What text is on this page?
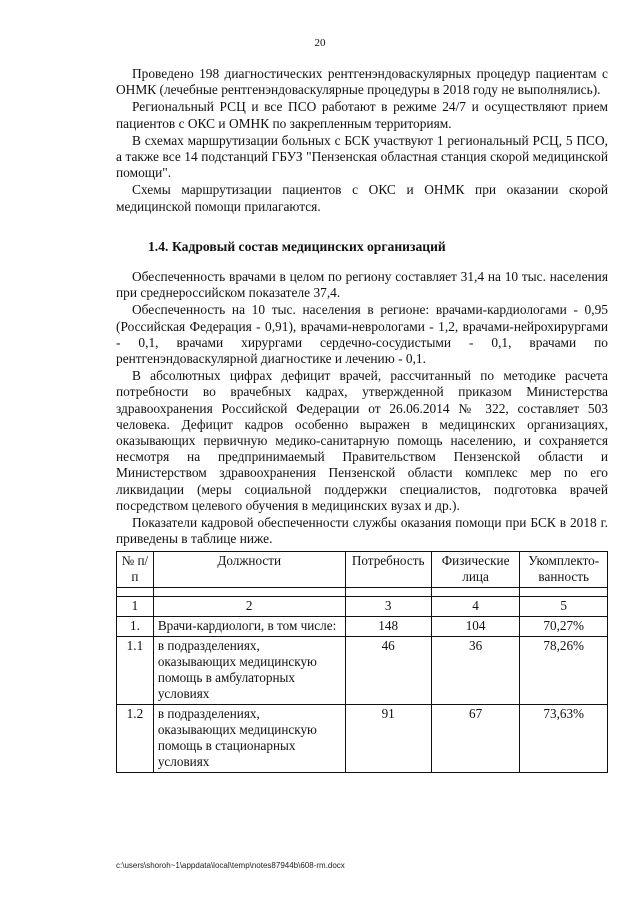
20

Проведено 198 диагностических рентгенэндоваскулярных процедур пациентам с ОНМК (лечебные рентгенэндоваскулярные процедуры в 2018 году не выполнялись).

Региональный РСЦ и все ПСО работают в режиме 24/7 и осуществляют прием пациентов с ОКС и ОМНК по закрепленным территориям.

В схемах маршрутизации больных с БСК участвуют 1 региональный РСЦ, 5 ПСО, а также все 14 подстанций ГБУЗ "Пензенская областная станция скорой медицинской помощи".

Схемы маршрутизации пациентов с ОКС и ОНМК при оказании скорой медицинской помощи прилагаются.

1.4. Кадровый состав медицинских организаций

Обеспеченность врачами в целом по региону составляет 31,4 на 10 тыс. населения при среднероссийском показателе 37,4.

Обеспеченность на 10 тыс. населения в регионе: врачами-кардиологами - 0,95 (Российская Федерация - 0,91), врачами-неврологами - 1,2, врачами-нейрохирургами - 0,1, врачами хирургами сердечно-сосудистыми - 0,1, врачами по рентгенэндоваскулярной диагностике и лечению - 0,1.

В абсолютных цифрах дефицит врачей, рассчитанный по методике расчета потребности во врачебных кадрах, утвержденной приказом Министерства здравоохранения Российской Федерации от 26.06.2014 № 322, составляет 503 человека. Дефицит кадров особенно выражен в медицинских организациях, оказывающих первичную медико-санитарную помощь населению, и сохраняется несмотря на предпринимаемый Правительством Пензенской области и Министерством здравоохранения Пензенской области комплекс мер по его ликвидации (меры социальной поддержки специалистов, подготовка врачей посредством целевого обучения в медицинских вузах и др.).

Показатели кадровой обеспеченности службы оказания помощи при БСК в 2018 г. приведены в таблице ниже.

№ п/п	Должности	Потребность	Физические лица	Укомплекто-ванность

1	2	3	4	5
1.	Врачи-кардиологи, в том числе:	148	104	70,27%
1.1	в подразделениях, оказывающих медицинскую помощь в амбулаторных условиях	46	36	78,26%
1.2	в подразделениях, оказывающих медицинскую помощь в стационарных условиях	91	67	73,63%
c:\users\shoroh~1\appdata\local\temp\notes87944b\608-rm.docx
